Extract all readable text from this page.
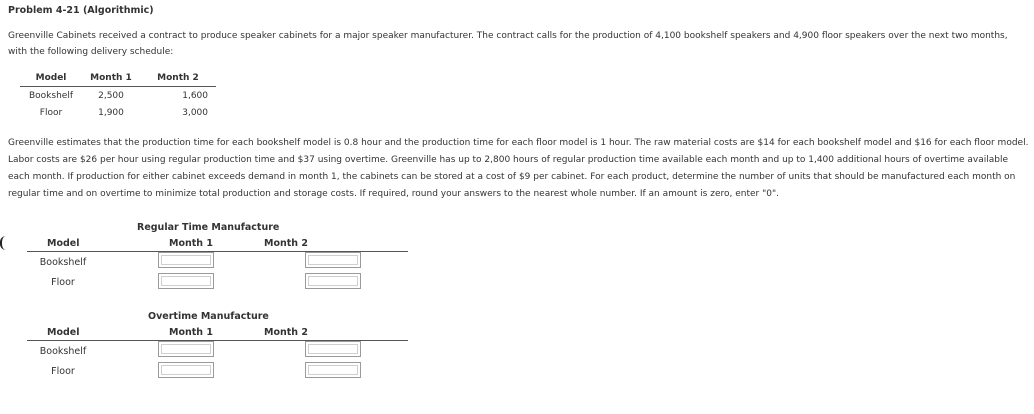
Problem 4-21 (Algorithmic)
Greenville Cabinets received a contract to produce speaker cabinets for a major speaker manufacturer. The contract calls for the production of 4,100 bookshelf speakers and 4,900 floor speakers over the next two months, with the following delivery schedule:
Model	Month 1	Month 2
Bookshelf	2,500	1,600
Floor	1,900	3,000
Greenville estimates that the production time for each bookshelf model is 0.8 hour and the production time for each floor model is 1 hour. The raw material costs are $14 for each bookshelf model and $16 for each floor model. Labor costs are $26 per hour using regular production time and $37 using overtime. Greenville has up to 2,800 hours of regular production time available each month and up to 1,400 additional hours of overtime available each month. If production for either cabinet exceeds demand in month 1, the cabinets can be stored at a cost of $9 per cabinet. For each product, determine the number of units that should be manufactured each month on regular time and on overtime to minimize total production and storage costs. If required, round your answers to the nearest whole number. If an amount is zero, enter "0".
Regular Time Manufacture
Model	Month 1	Month 2
Bookshelf
Floor
Overtime Manufacture
Model	Month 1	Month 2
Bookshelf
Floor
